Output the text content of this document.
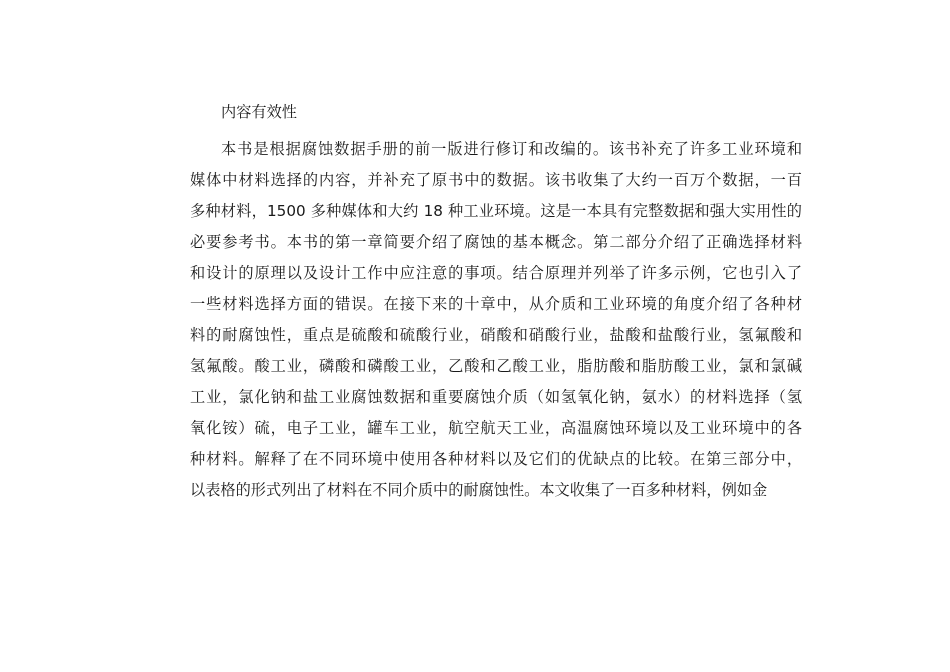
内容有效性
本书是根据腐蚀数据手册的前一版进行修订和改编的。该书补充了许多工业环境和
媒体中材料选择的内容，并补充了原书中的数据。该书收集了大约一百万个数据，一百
多种材料，1500 多种媒体和大约 18 种工业环境。这是一本具有完整数据和强大实用性的
必要参考书。本书的第一章简要介绍了腐蚀的基本概念。第二部分介绍了正确选择材料
和设计的原理以及设计工作中应注意的事项。结合原理并列举了许多示例，它也引入了
一些材料选择方面的错误。在接下来的十章中，从介质和工业环境的角度介绍了各种材
料的耐腐蚀性，重点是硫酸和硫酸行业，硝酸和硝酸行业，盐酸和盐酸行业，氢氟酸和
氢氟酸。酸工业，磷酸和磷酸工业，乙酸和乙酸工业，脂肪酸和脂肪酸工业，氯和氯碱
工业，氯化钠和盐工业腐蚀数据和重要腐蚀介质（如氢氧化钠，氨水）的材料选择（氢
氧化铵）硫，电子工业，罐车工业，航空航天工业，高温腐蚀环境以及工业环境中的各
种材料。解释了在不同环境中使用各种材料以及它们的优缺点的比较。在第三部分中，
以表格的形式列出了材料在不同介质中的耐腐蚀性。本文收集了一百多种材料，例如金
